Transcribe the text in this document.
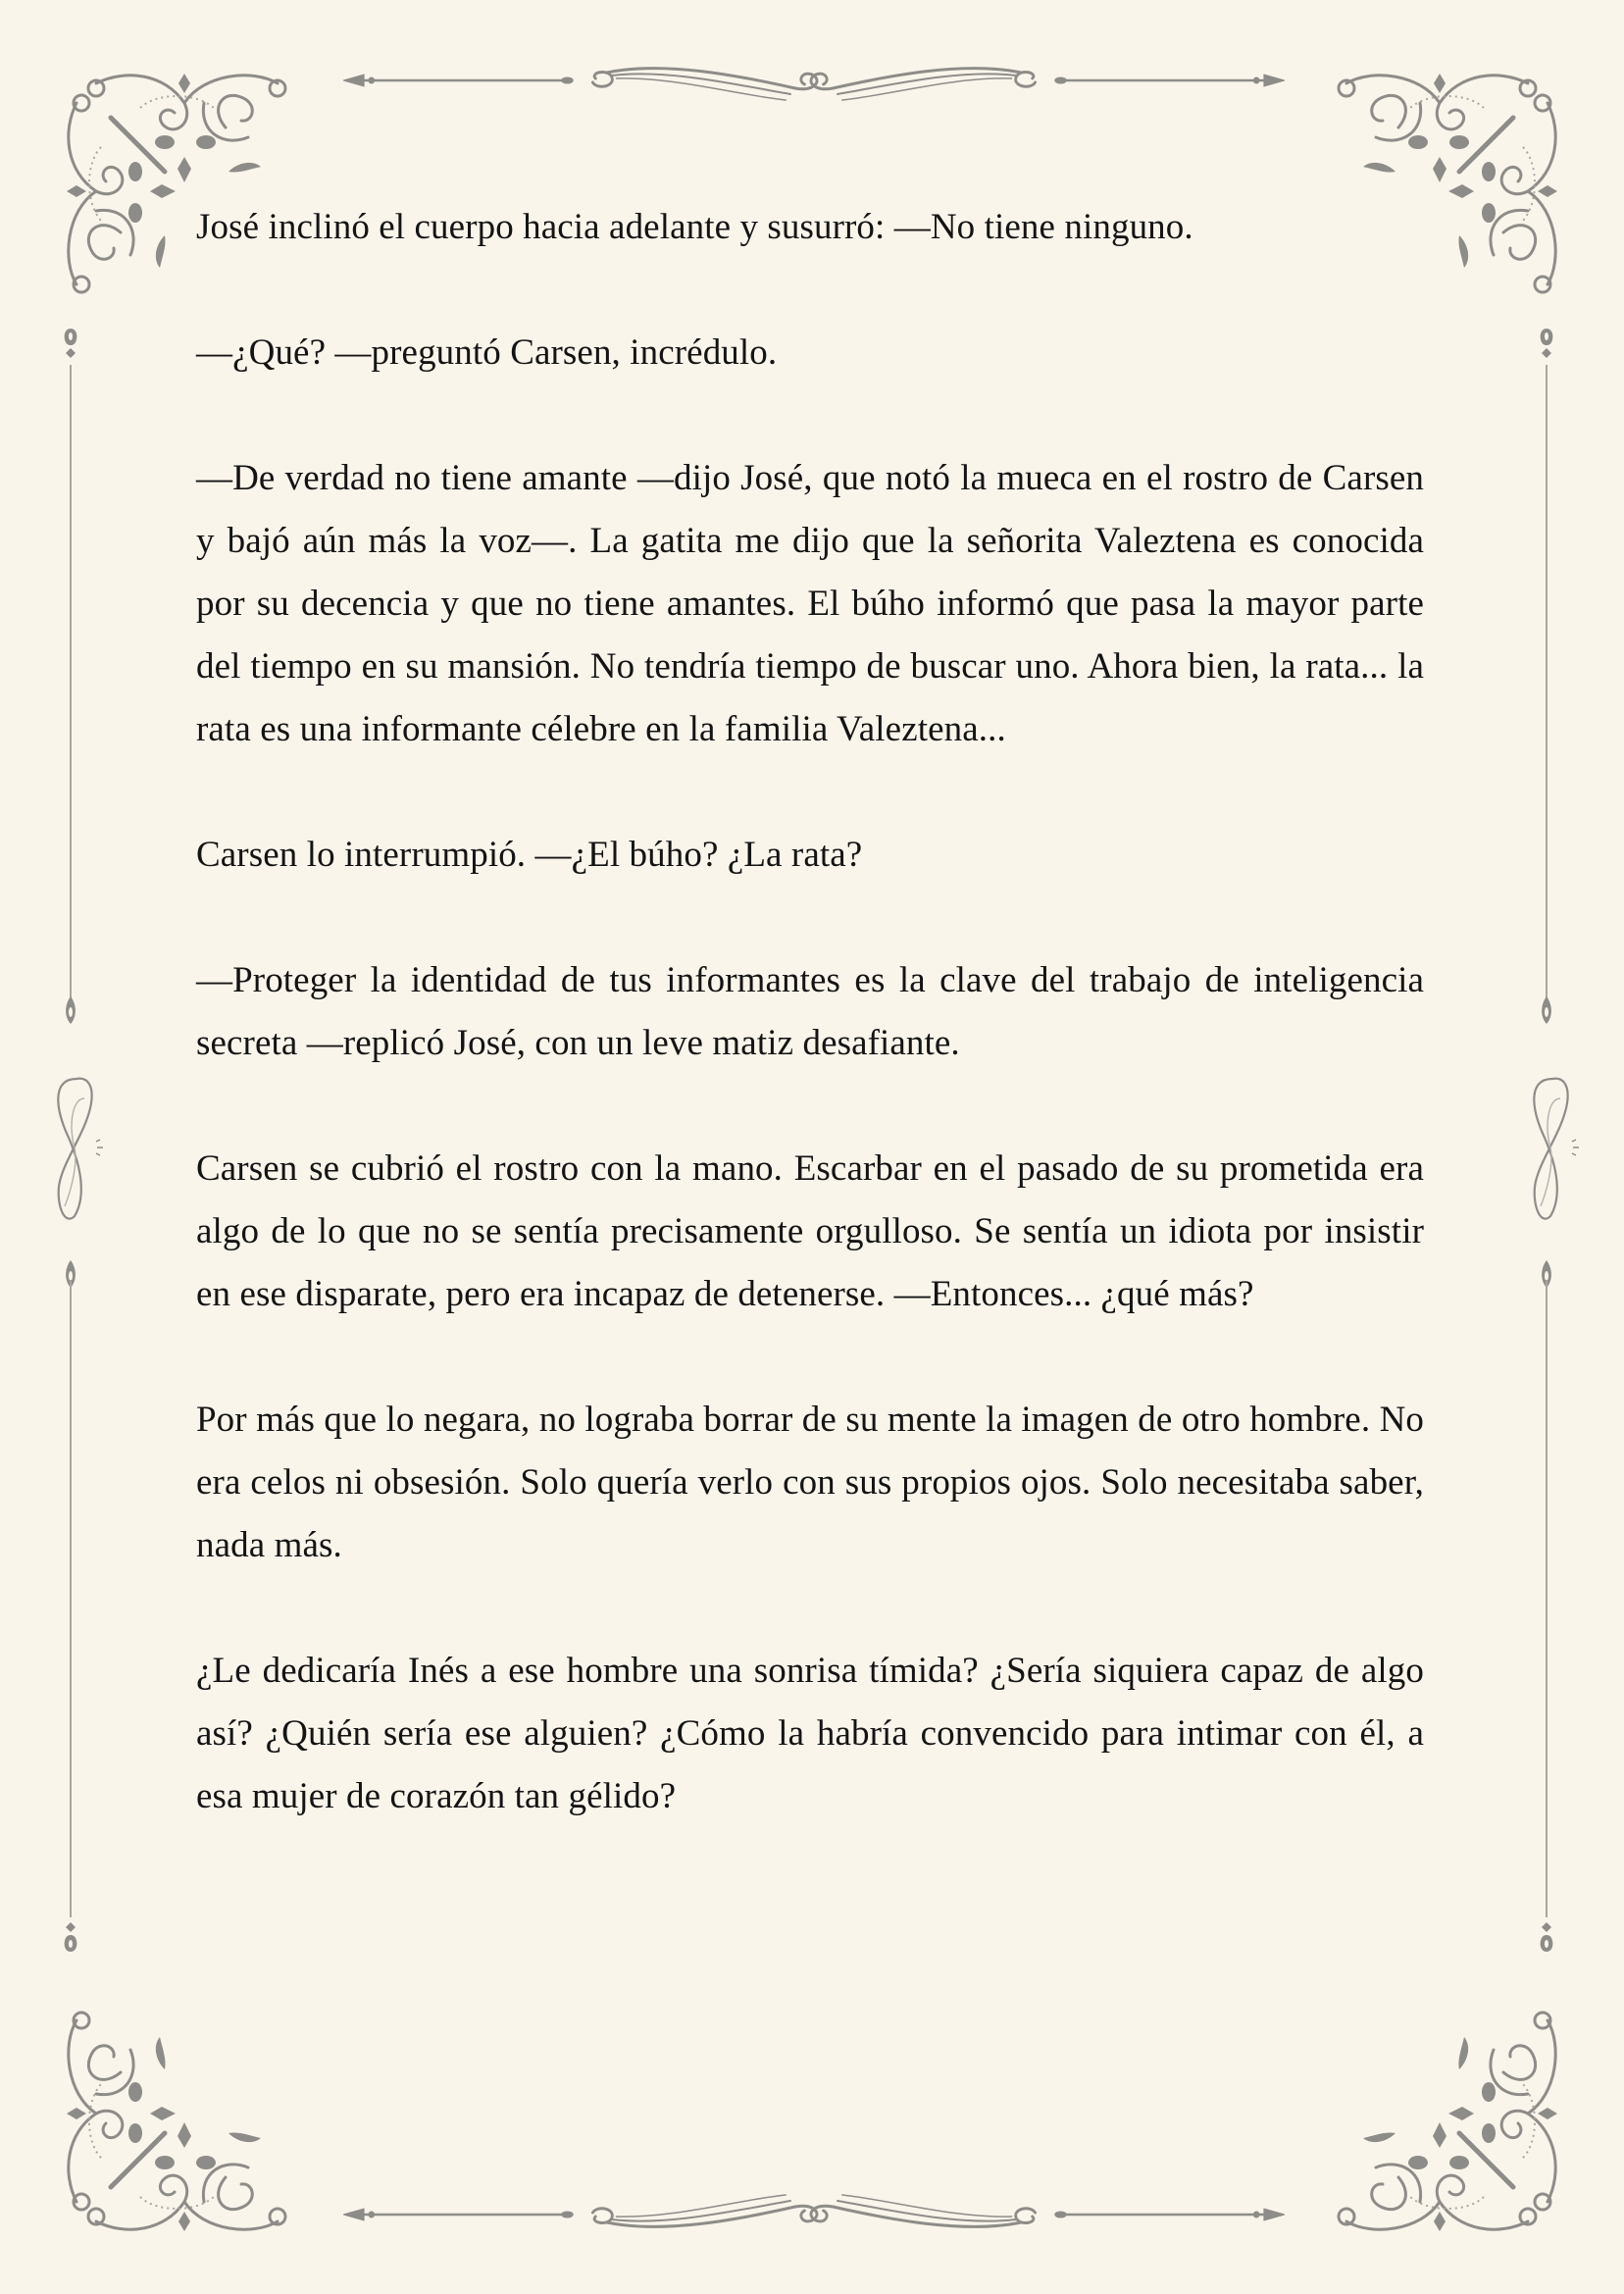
José inclinó el cuerpo hacia adelante y susurró: —No tiene ninguno.

—¿Qué? —preguntó Carsen, incrédulo.

—De verdad no tiene amante —dijo José, que notó la mueca en el rostro de Carsen y bajó aún más la voz—. La gatita me dijo que la señorita Valeztena es conocida por su decencia y que no tiene amantes. El búho informó que pasa la mayor parte del tiempo en su mansión. No tendría tiempo de buscar uno. Ahora bien, la rata... la rata es una informante célebre en la familia Valeztena...

Carsen lo interrumpió. —¿El búho? ¿La rata?

—Proteger la identidad de tus informantes es la clave del trabajo de inteligencia secreta —replicó José, con un leve matiz desafiante.

Carsen se cubrió el rostro con la mano. Escarbar en el pasado de su prometida era algo de lo que no se sentía precisamente orgulloso. Se sentía un idiota por insistir en ese disparate, pero era incapaz de detenerse. —Entonces... ¿qué más?

Por más que lo negara, no lograba borrar de su mente la imagen de otro hombre. No era celos ni obsesión. Solo quería verlo con sus propios ojos. Solo necesitaba saber, nada más.

¿Le dedicaría Inés a ese hombre una sonrisa tímida? ¿Sería siquiera capaz de algo así? ¿Quién sería ese alguien? ¿Cómo la habría convencido para intimar con él, a esa mujer de corazón tan gélido?
